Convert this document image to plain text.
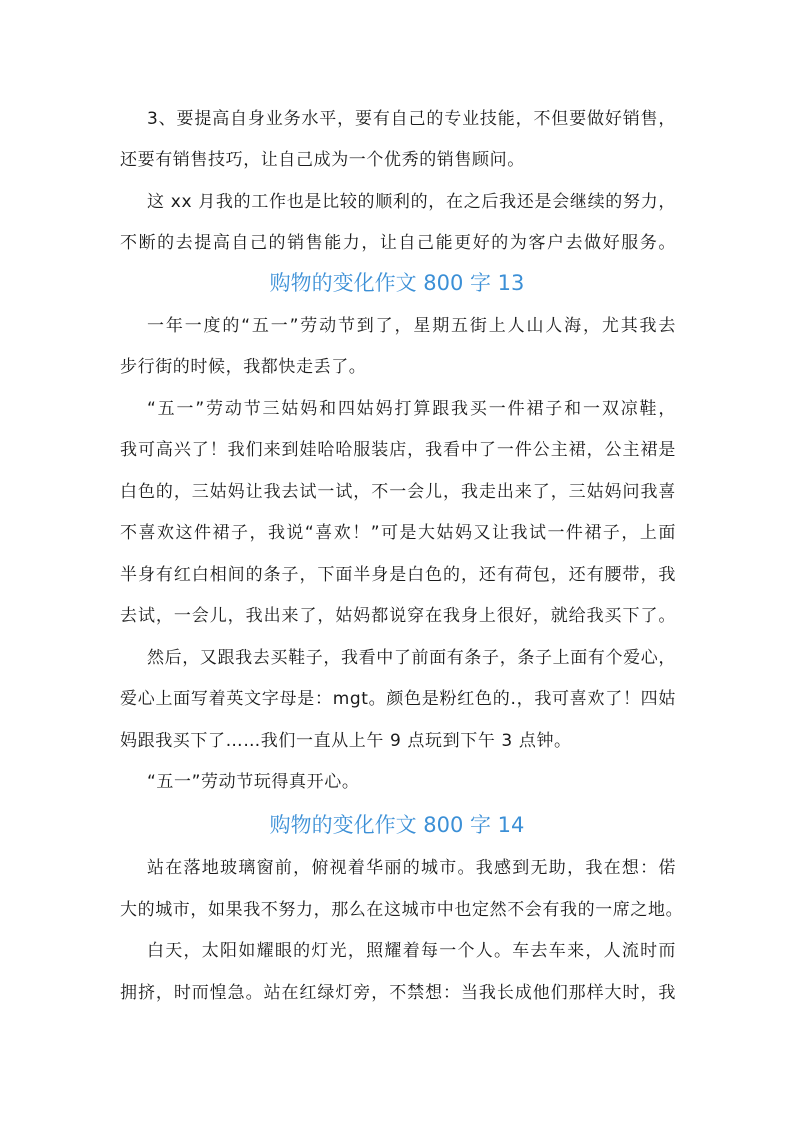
3、要提高自身业务水平，要有自己的专业技能，不但要做好销售，
还要有销售技巧，让自己成为一个优秀的销售顾问。
这 xx 月我的工作也是比较的顺利的，在之后我还是会继续的努力，
不断的去提高自己的销售能力，让自己能更好的为客户去做好服务。
购物的变化作文 800 字 13
一年一度的“五一”劳动节到了，星期五街上人山人海，尤其我去
步行街的时候，我都快走丢了。
“五一”劳动节三姑妈和四姑妈打算跟我买一件裙子和一双凉鞋，
我可高兴了！我们来到娃哈哈服装店，我看中了一件公主裙，公主裙是
白色的，三姑妈让我去试一试，不一会儿，我走出来了，三姑妈问我喜
不喜欢这件裙子，我说“喜欢！”可是大姑妈又让我试一件裙子，上面
半身有红白相间的条子，下面半身是白色的，还有荷包，还有腰带，我
去试，一会儿，我出来了，姑妈都说穿在我身上很好，就给我买下了。
然后，又跟我去买鞋子，我看中了前面有条子，条子上面有个爱心，
爱心上面写着英文字母是：mgt。颜色是粉红色的.，我可喜欢了！四姑
妈跟我买下了……我们一直从上午 9 点玩到下午 3 点钟。
“五一”劳动节玩得真开心。
购物的变化作文 800 字 14
站在落地玻璃窗前，俯视着华丽的城市。我感到无助，我在想：偌
大的城市，如果我不努力，那么在这城市中也定然不会有我的一席之地。
白天，太阳如耀眼的灯光，照耀着每一个人。车去车来，人流时而
拥挤，时而惶急。站在红绿灯旁，不禁想：当我长成他们那样大时，我
